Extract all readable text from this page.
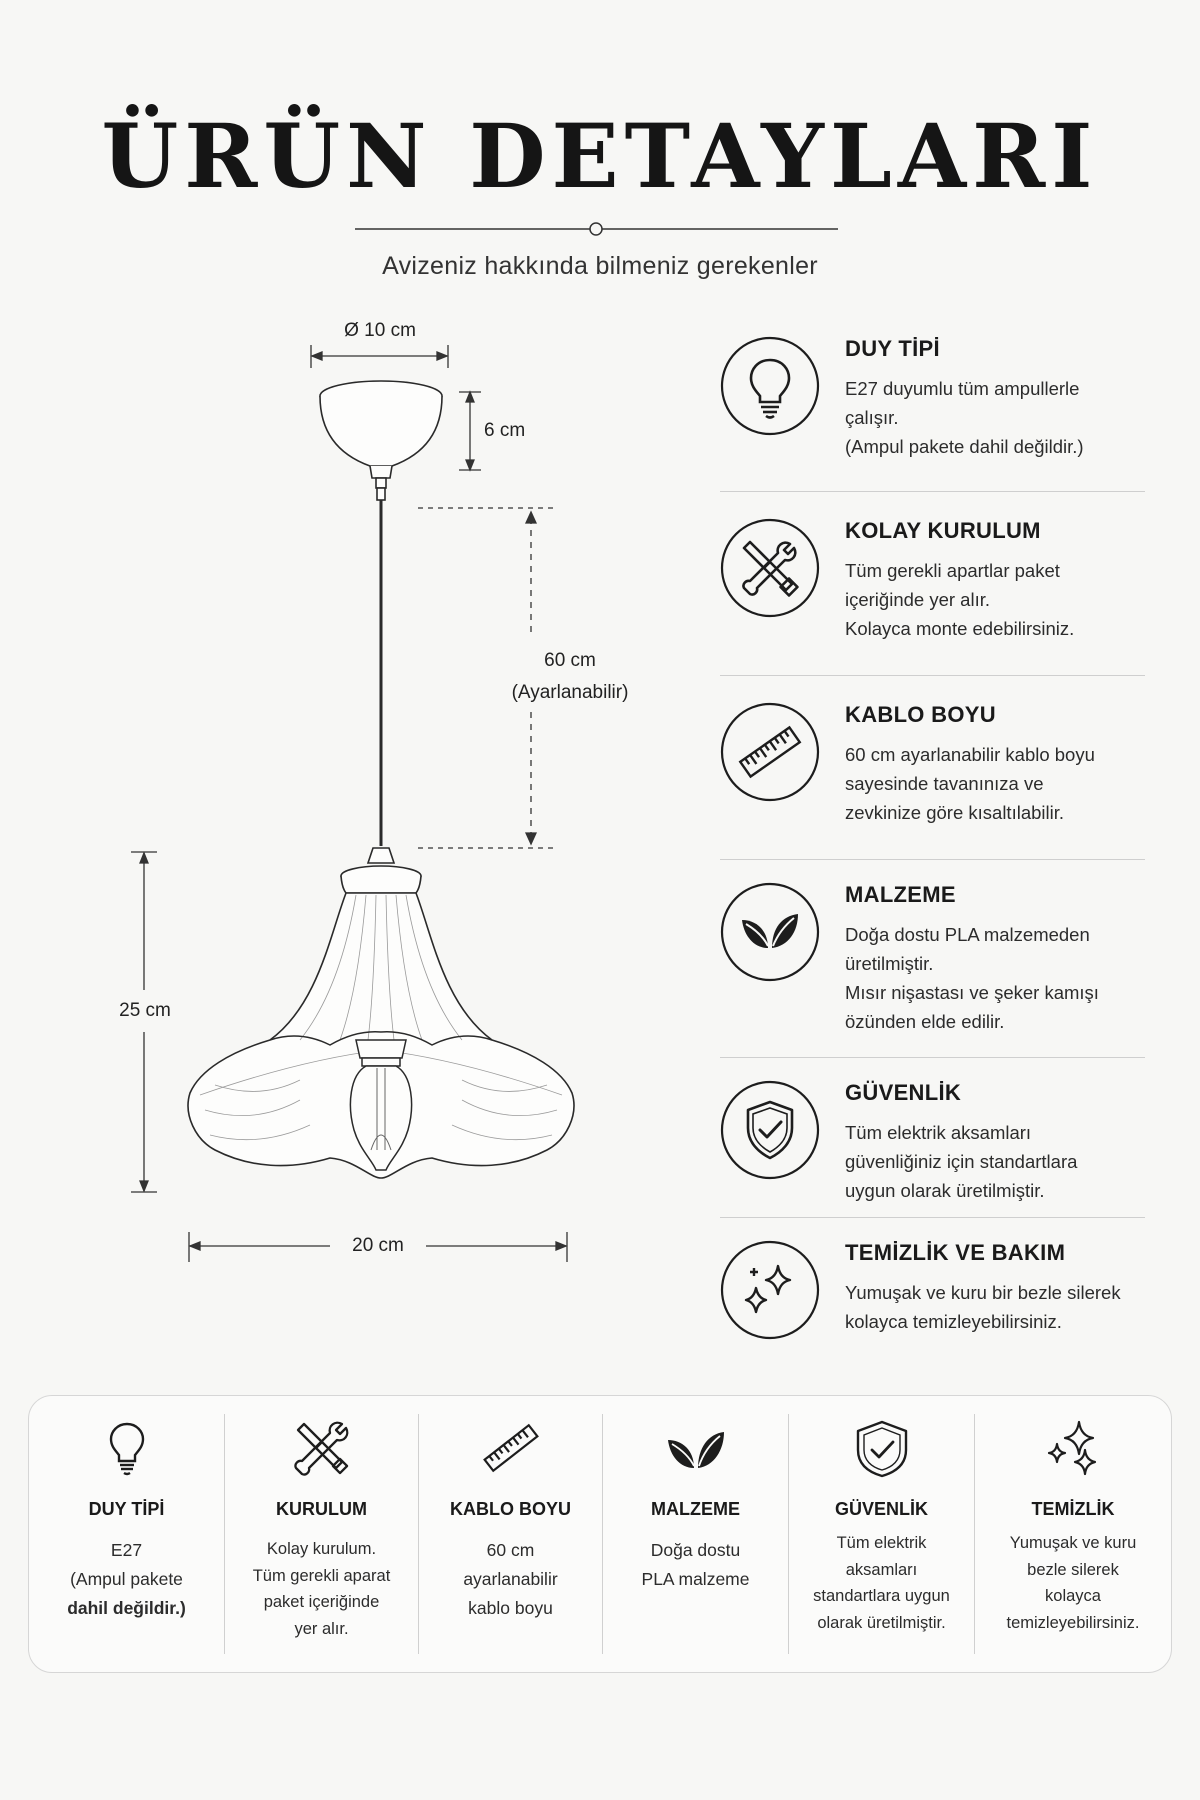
ÜRÜN DETAYLARI
Avizeniz hakkında bilmeniz gerekenler
Ø 10 cm
6 cm
60 cm
(Ayarlanabilir)
25 cm
20 cm
DUY TİPİ
E27 duyumlu tüm ampullerle
çalışır.
(Ampul pakete dahil değildir.)
KOLAY KURULUM
Tüm gerekli apartlar paket
içeriğinde yer alır.
Kolayca monte edebilirsiniz.
KABLO BOYU
60 cm ayarlanabilir kablo boyu
sayesinde tavanınıza ve
zevkinize göre kısaltılabilir.
MALZEME
Doğa dostu PLA malzemeden
üretilmiştir.
Mısır nişastası ve şeker kamışı
özünden elde edilir.
GÜVENLİK
Tüm elektrik aksamları
güvenliğiniz için standartlara
uygun olarak üretilmiştir.
TEMİZLİK VE BAKIM
Yumuşak ve kuru bir bezle silerek
kolayca temizleyebilirsiniz.
DUY TİPİ
E27
(Ampul pakete
dahil değildir.)
KURULUM
Kolay kurulum.
Tüm gerekli aparat
paket içeriğinde
yer alır.
KABLO BOYU
60 cm
ayarlanabilir
kablo boyu
MALZEME
Doğa dostu
PLA malzeme
GÜVENLİK
Tüm elektrik
aksamları
standartlara uygun
olarak üretilmiştir.
TEMİZLİK
Yumuşak ve kuru
bezle silerek
kolayca
temizleyebilirsiniz.
